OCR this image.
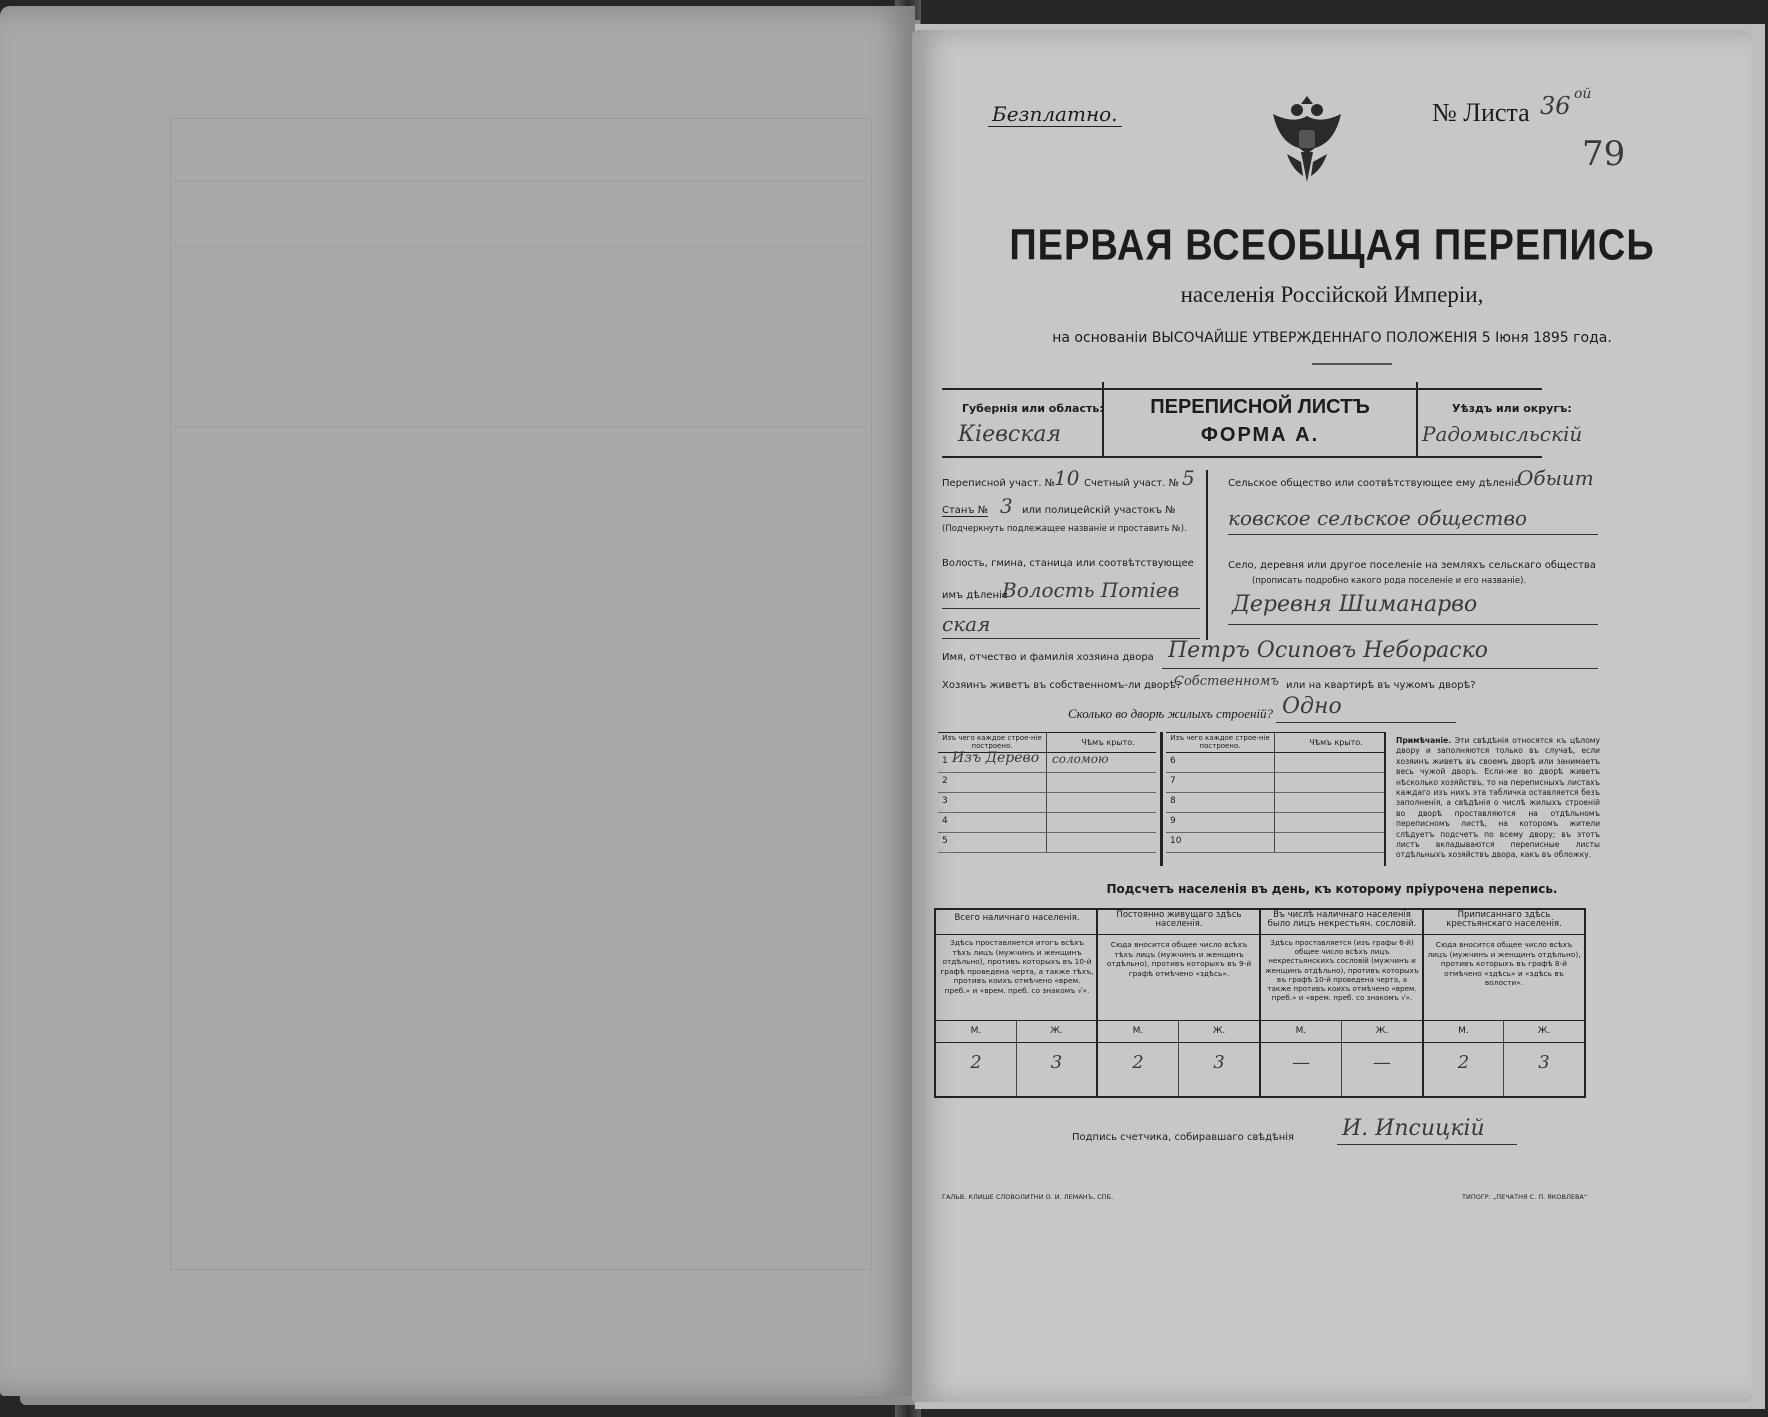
Безплатно.	№ Листа 36 ой
79
ПЕРВАЯ ВСЕОБЩАЯ ПЕРЕПИСЬ
населенія Россійской Имперіи,
на основаніи ВЫСОЧАЙШЕ УТВЕРЖДЕННАГО ПОЛОЖЕНІЯ 5 Іюня 1895 года.
Губернія или область:
Кіевская
ПЕРЕПИСНОЙ ЛИСТЪ
ФОРМА А.
Уѣздъ или округъ:
Радомысльскій
Переписной участ. №
10 Счетный участ. № 5
Станъ № 3 или полицейскій участокъ №
(Подчеркнуть подлежащее названіе и проставить №).
Волость, гмина, станица или соотвѣтствующее
имъ дѣленіе
Волость Потіев
ская
Сельское общество или соотвѣтствующее ему дѣленіе
Обыит
ковское сельское общество
Село, деревня или другое поселеніе на земляхъ сельскаго общества
(прописать подробно какого рода поселеніе и его названіе).
Деревня Шиманарво
Имя, отчество и фамилія хозяина двора Петръ Осиповъ Небораско
Хозяинъ живетъ въ собственномъ-ли дворѣ?
Собственномъ или на квартирѣ въ чужомъ дворѣ?
Сколько во дворѣ жилыхъ строеній? Одно
Изъ чего каждое строе-ніе построено.	Чѣмъ крыто.
1 Изъ Дерево соломою
2
3
4
5
Изъ чего каждое строе-ніе построено.	Чѣмъ крыто.
6
7
8
9
10
Примѣчаніе. Эти свѣдѣнія относятся къ цѣлому двору и заполняются только въ случаѣ, если хозяинъ живетъ въ своемъ дворѣ или занимаетъ весь чужой дворъ. Если-же во дворѣ живетъ нѣсколько хозяйствъ, то на переписныхъ листахъ каждаго изъ нихъ эта табличка оставляется безъ заполненія, а свѣдѣнія о числѣ жилыхъ строеній во дворѣ проставляются на отдѣльномъ переписномъ листѣ, на которомъ жители слѣдуетъ подсчетъ по всему двору; въ этотъ листъ вкладываются переписные листы отдѣльныхъ хозяйствъ двора, какъ въ обложку.
Подсчетъ населенія въ день, къ которому пріурочена перепись.
Всего наличнаго населенія.
Здѣсь проставляется итогъ всѣхъ тѣхъ лицъ (мужчинъ и женщинъ отдѣльно), противъ которыхъ въ 10-й графѣ проведена черта, а также тѣхъ, противъ коихъ отмѣчено «врем. преб.» и «врем. преб. со знакомъ √».
М.	Ж.
2	3
Постоянно живущаго здѣсь населенія.
Сюда вносится общее число всѣхъ тѣхъ лицъ (мужчинъ и женщинъ отдѣльно), противъ которыхъ въ 9-й графѣ отмѣчено «здѣсь».
М.	Ж.
2	3
Въ числѣ наличнаго населенія было лицъ некрестьян. сословій.
Здѣсь проставляется (изъ графы 6-й) общее число всѣхъ лицъ некрестьянскихъ сословій (мужчинъ и женщинъ отдѣльно), противъ которыхъ въ графѣ 10-й проведена черта, а также противъ коихъ отмѣчено «врем. преб.» и «врем. преб. со знакомъ √».
М.	Ж.
—	—
Приписаннаго здѣсь крестьянскаго населенія.
Сюда вносится общее число всѣхъ лицъ (мужчинъ и женщинъ отдѣльно), противъ которыхъ въ графѣ 8-й отмѣчено «здѣсь» и «здѣсь въ волости».
М.	Ж.
2	3
Подпись счетчика, собиравшаго свѣдѣнія И. Ипсицкій
ГАЛЬВ. КЛИШЕ СЛОВОЛИТНИ О. И. ЛЕМАНЪ, СПБ.	ТИПОГР. „ПЕЧАТНЯ С. П. ЯКОВЛЕВА“
